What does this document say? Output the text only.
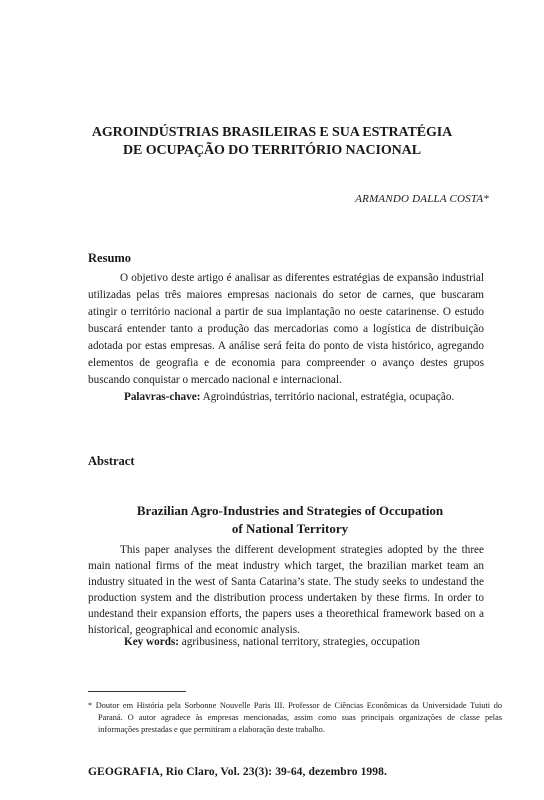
AGROINDÚSTRIAS BRASILEIRAS E SUA ESTRATÉGIA
DE OCUPAÇÃO DO TERRITÓRIO NACIONAL
ARMANDO DALLA COSTA*
Resumo

O objetivo deste artigo é analisar as diferentes estratégias de expansão industrial utilizadas pelas três maiores empresas nacionais do setor de carnes, que buscaram atingir o território nacional a partir de sua implantação no oeste catarinense. O estudo buscará entender tanto a produção das mercadorias como a logística de distribuição adotada por estas empresas. A análise será feita do ponto de vista histórico, agregando elementos de geografia e de economia para compreender o avanço destes grupos buscando conquistar o mercado nacional e internacional.

Palavras-chave: Agroindústrias, território nacional, estratégia, ocupação.
Abstract
Brazilian Agro-Industries and Strategies of Occupation
of National Territory

This paper analyses the different development strategies adopted by the three main national firms of the meat industry which target, the brazilian market team an industry situated in the west of Santa Catarina’s state. The study seeks to undestand the production system and the distribution process undertaken by these firms. In order to undestand their expansion efforts, the papers uses a theorethical framework based on a historical, geographical and economic analysis.

Key words: agribusiness, national territory, strategies, occupation

* Doutor em História pela Sorbonne Nouvelle Paris III. Professor de Ciências Econômicas da Universidade Tuiuti do Paraná. O autor agradece às empresas mencionadas, assim como suas principais organizações de classe pelas informações prestadas e que permitiram a elaboração deste trabalho.

GEOGRAFIA, Rio Claro, Vol. 23(3): 39-64, dezembro 1998.
